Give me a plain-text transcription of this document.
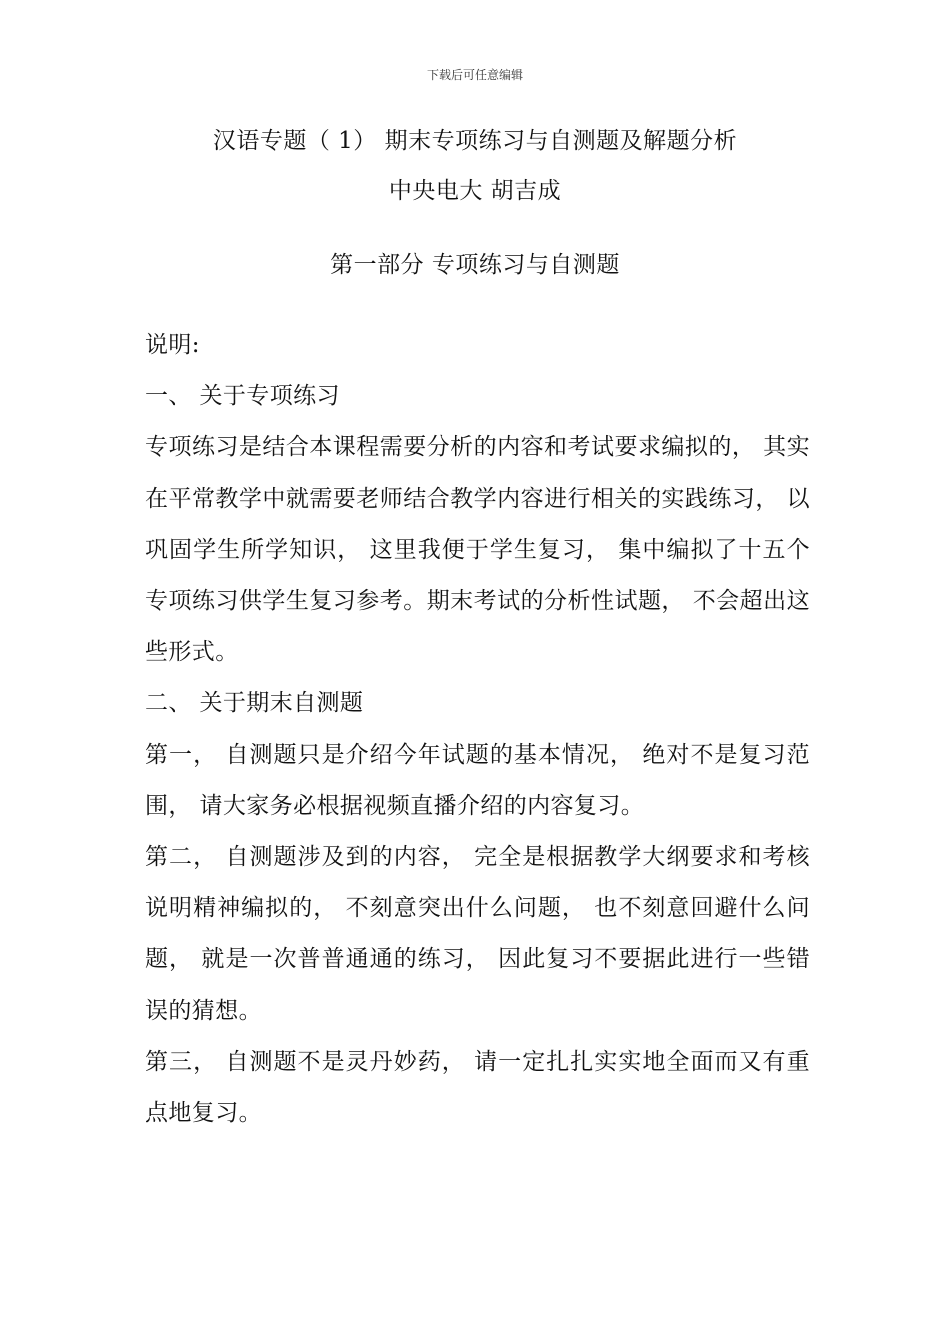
下载后可任意编辑
汉语专题（ 1） 期末专项练习与自测题及解题分析
中央电大 胡吉成
第一部分 专项练习与自测题

说明:

一、 关于专项练习

专项练习是结合本课程需要分析的内容和考试要求编拟的， 其实在平常教学中就需要老师结合教学内容进行相关的实践练习， 以巩固学生所学知识， 这里我便于学生复习， 集中编拟了十五个专项练习供学生复习参考。期末考试的分析性试题， 不会超出这些形式。

二、 关于期末自测题

第一， 自测题只是介绍今年试题的基本情况， 绝对不是复习范围， 请大家务必根据视频直播介绍的内容复习。

第二， 自测题涉及到的内容， 完全是根据教学大纲要求和考核说明精神编拟的， 不刻意突出什么问题， 也不刻意回避什么问题， 就是一次普普通通的练习， 因此复习不要据此进行一些错误的猜想。

第三， 自测题不是灵丹妙药， 请一定扎扎实实地全面而又有重点地复习。
